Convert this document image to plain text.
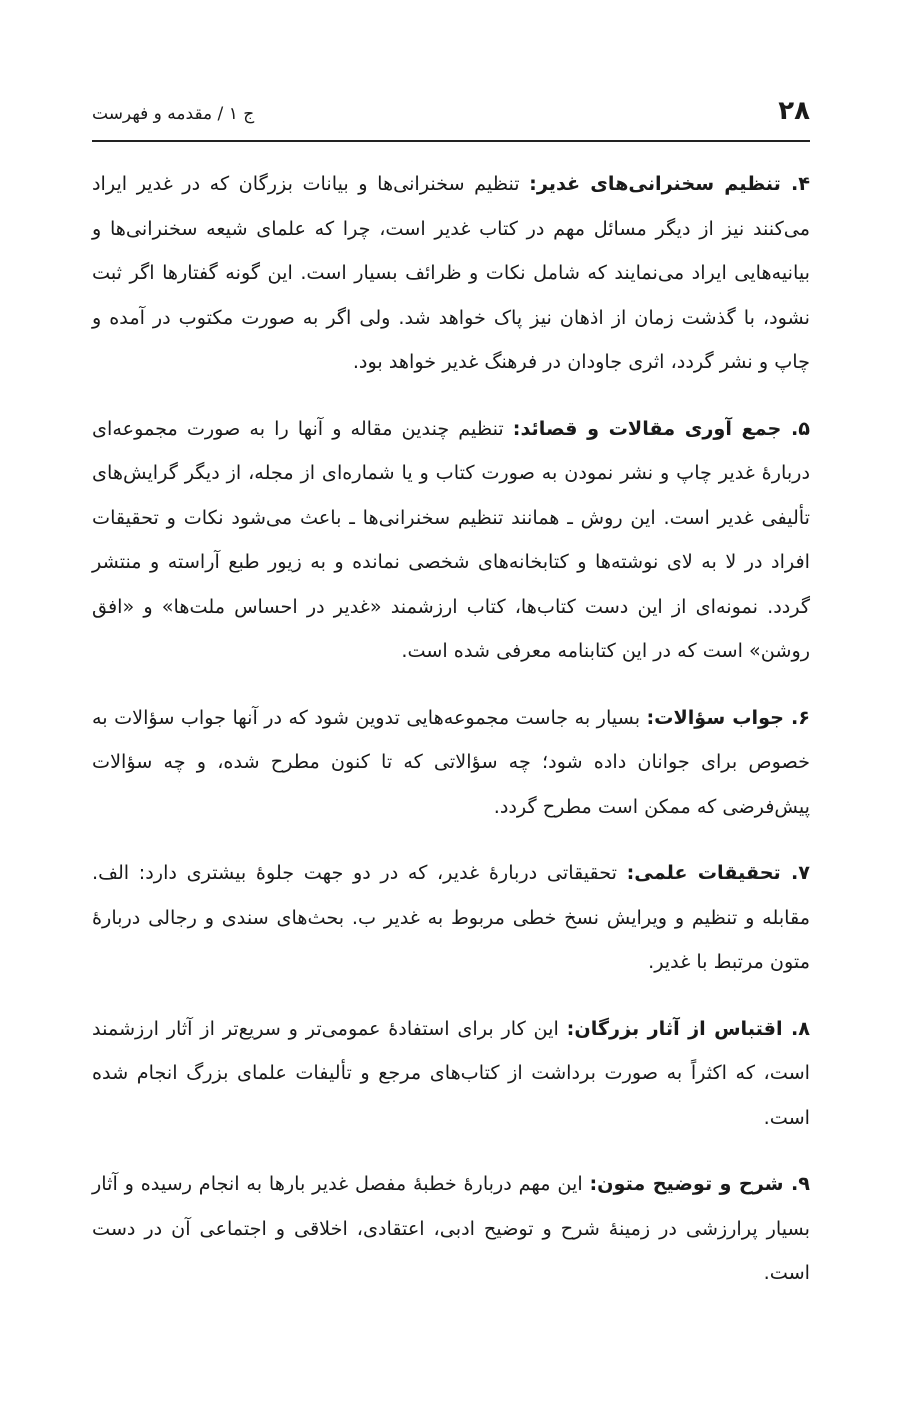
۲۸
ج ۱ / مقدمه و فهرست

۴. تنظیم سخنرانی‌های غدیر: تنظیم سخنرانی‌ها و بیانات بزرگان که در غدیر ایراد می‌کنند نیز از دیگر مسائل مهم در کتاب غدیر است، چرا که علمای شیعه سخنرانی‌ها و بیانیه‌هایی ایراد می‌نمایند که شامل نکات و ظرائف بسیار است. این گونه گفتارها اگر ثبت نشود، با گذشت زمان از اذهان نیز پاک خواهد شد. ولی اگر به صورت مکتوب در آمده و چاپ و نشر گردد، اثری جاودان در فرهنگ غدیر خواهد بود.

۵. جمع آوری مقالات و قصائد: تنظیم چندین مقاله و آنها را به صورت مجموعه‌ای دربارۀ غدیر چاپ و نشر نمودن به صورت کتاب و یا شماره‌ای از مجله، از دیگر گرایش‌های تألیفی غدیر است. این روش ـ همانند تنظیم سخنرانی‌ها ـ باعث می‌شود نکات و تحقیقات افراد در لا به لای نوشته‌ها و کتابخانه‌های شخصی نمانده و به زیور طبع آراسته و منتشر گردد. نمونه‌ای از این دست کتاب‌ها، کتاب ارزشمند «غدیر در احساس ملت‌ها» و «افق روشن» است که در این کتابنامه معرفی شده است.

۶. جواب سؤالات: بسیار به جاست مجموعه‌هایی تدوین شود که در آنها جواب سؤالات به خصوص برای جوانان داده شود؛ چه سؤالاتی که تا کنون مطرح شده، و چه سؤالات پیش‌فرضی که ممکن است مطرح گردد.

۷. تحقیقات علمی: تحقیقاتی دربارۀ غدیر، که در دو جهت جلوۀ بیشتری دارد: الف. مقابله و تنظیم و ویرایش نسخ خطی مربوط به غدیر ب. بحث‌های سندی و رجالی دربارۀ متون مرتبط با غدیر.

۸. اقتباس از آثار بزرگان: این کار برای استفادۀ عمومی‌تر و سریع‌تر از آثار ارزشمند است، که اکثراً به صورت برداشت از کتاب‌های مرجع و تألیفات علمای بزرگ انجام شده است.

۹. شرح و توضیح متون: این مهم دربارۀ خطبۀ مفصل غدیر بارها به انجام رسیده و آثار بسیار پرارزشی در زمینۀ شرح و توضیح ادبی، اعتقادی، اخلاقی و اجتماعی آن در دست است.
